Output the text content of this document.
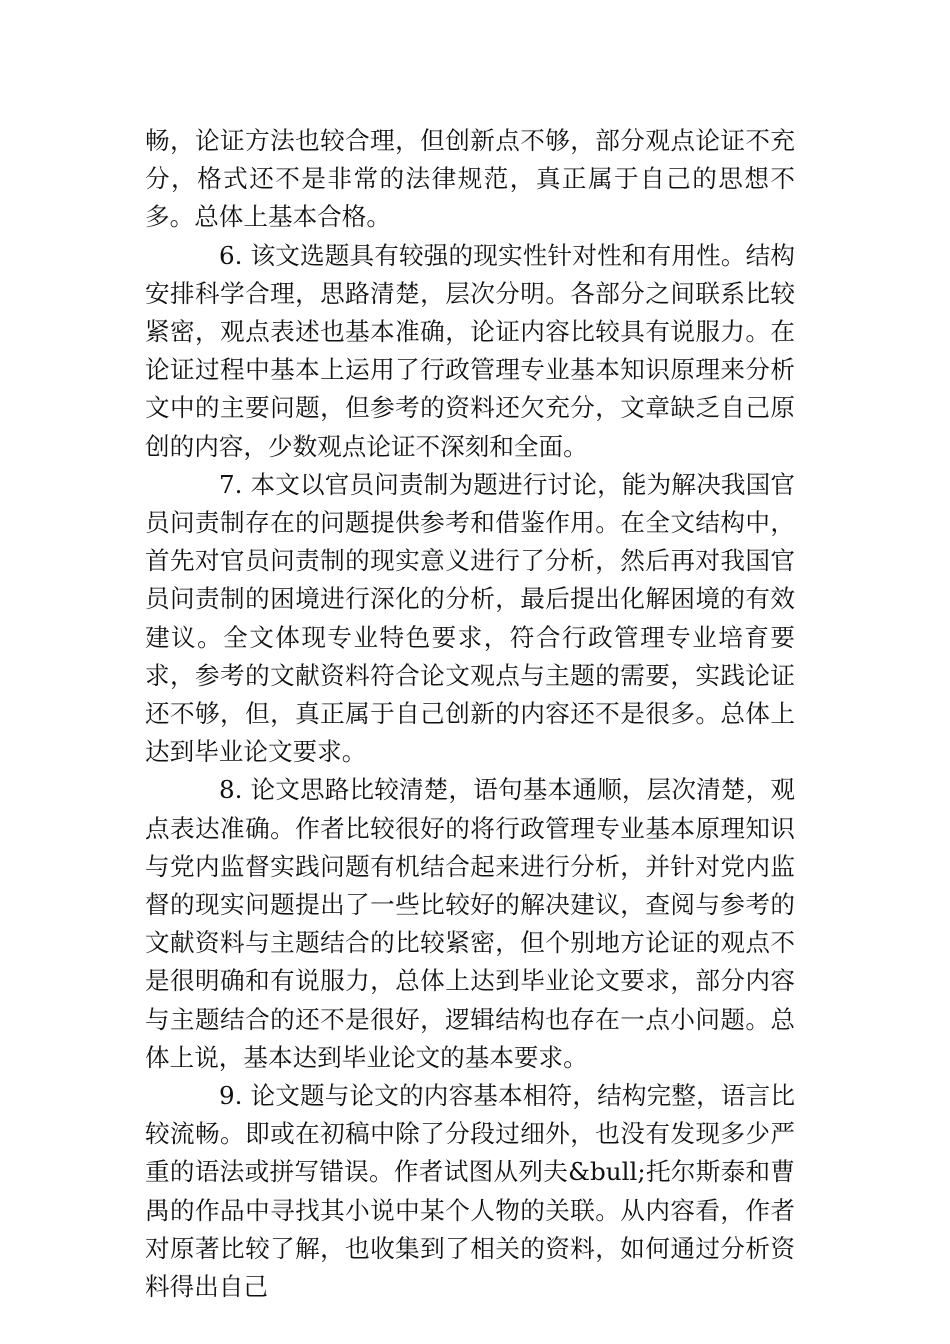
畅，论证方法也较合理，但创新点不够，部分观点论证不充分，格式还不是非常的法律规范，真正属于自己的思想不多。总体上基本合格。

6. 该文选题具有较强的现实性针对性和有用性。结构安排科学合理，思路清楚，层次分明。各部分之间联系比较紧密，观点表述也基本准确，论证内容比较具有说服力。在论证过程中基本上运用了行政管理专业基本知识原理来分析文中的主要问题，但参考的资料还欠充分，文章缺乏自己原创的内容，少数观点论证不深刻和全面。

7. 本文以官员问责制为题进行讨论，能为解决我国官员问责制存在的问题提供参考和借鉴作用。在全文结构中，首先对官员问责制的现实意义进行了分析，然后再对我国官员问责制的困境进行深化的分析，最后提出化解困境的有效建议。全文体现专业特色要求，符合行政管理专业培育要求，参考的文献资料符合论文观点与主题的需要，实践论证还不够，但，真正属于自己创新的内容还不是很多。总体上达到毕业论文要求。

8. 论文思路比较清楚，语句基本通顺，层次清楚，观点表达准确。作者比较很好的将行政管理专业基本原理知识与党内监督实践问题有机结合起来进行分析，并针对党内监督的现实问题提出了一些比较好的解决建议，查阅与参考的文献资料与主题结合的比较紧密，但个别地方论证的观点不是很明确和有说服力，总体上达到毕业论文要求，部分内容与主题结合的还不是很好，逻辑结构也存在一点小问题。总体上说，基本达到毕业论文的基本要求。

9. 论文题与论文的内容基本相符，结构完整，语言比较流畅。即或在初稿中除了分段过细外，也没有发现多少严重的语法或拼写错误。作者试图从列夫&bull;托尔斯泰和曹禺的作品中寻找其小说中某个人物的关联。从内容看，作者对原著比较了解，也收集到了相关的资料，如何通过分析资料得出自己
